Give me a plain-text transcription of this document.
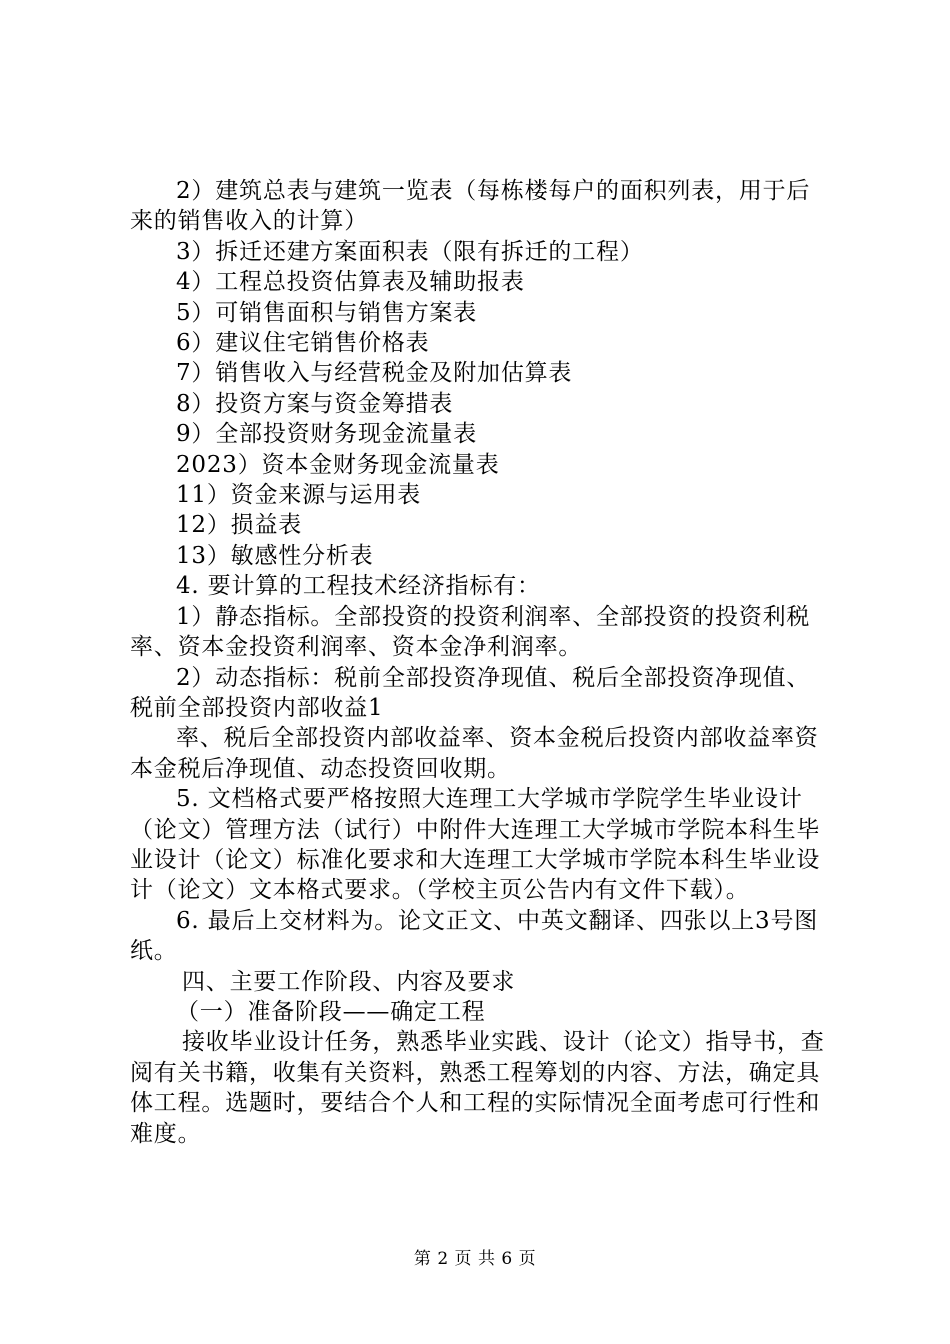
2）建筑总表与建筑一览表（每栋楼每户的面积列表，用于后来的销售收入的计算）

3）拆迁还建方案面积表（限有拆迁的工程）

4）工程总投资估算表及辅助报表

5）可销售面积与销售方案表

6）建议住宅销售价格表

7）销售收入与经营税金及附加估算表

8）投资方案与资金筹措表

9）全部投资财务现金流量表

2023）资本金财务现金流量表

11）资金来源与运用表

12）损益表

13）敏感性分析表

4. 要计算的工程技术经济指标有：

1）静态指标。全部投资的投资利润率、全部投资的投资利税率、资本金投资利润率、资本金净利润率。

2）动态指标：税前全部投资净现值、税后全部投资净现值、税前全部投资内部收益1

率、税后全部投资内部收益率、资本金税后投资内部收益率资本金税后净现值、动态投资回收期。

5. 文档格式要严格按照大连理工大学城市学院学生毕业设计（论文）管理方法（试行）中附件大连理工大学城市学院本科生毕业设计（论文）标准化要求和大连理工大学城市学院本科生毕业设计（论文）文本格式要求。（学校主页公告内有文件下载）。

6. 最后上交材料为。论文正文、中英文翻译、四张以上3号图纸。

四、主要工作阶段、内容及要求

（一）准备阶段——确定工程

接收毕业设计任务，熟悉毕业实践、设计（论文）指导书，查阅有关书籍，收集有关资料，熟悉工程筹划的内容、方法，确定具体工程。选题时，要结合个人和工程的实际情况全面考虑可行性和难度。

第 2 页 共 6 页
